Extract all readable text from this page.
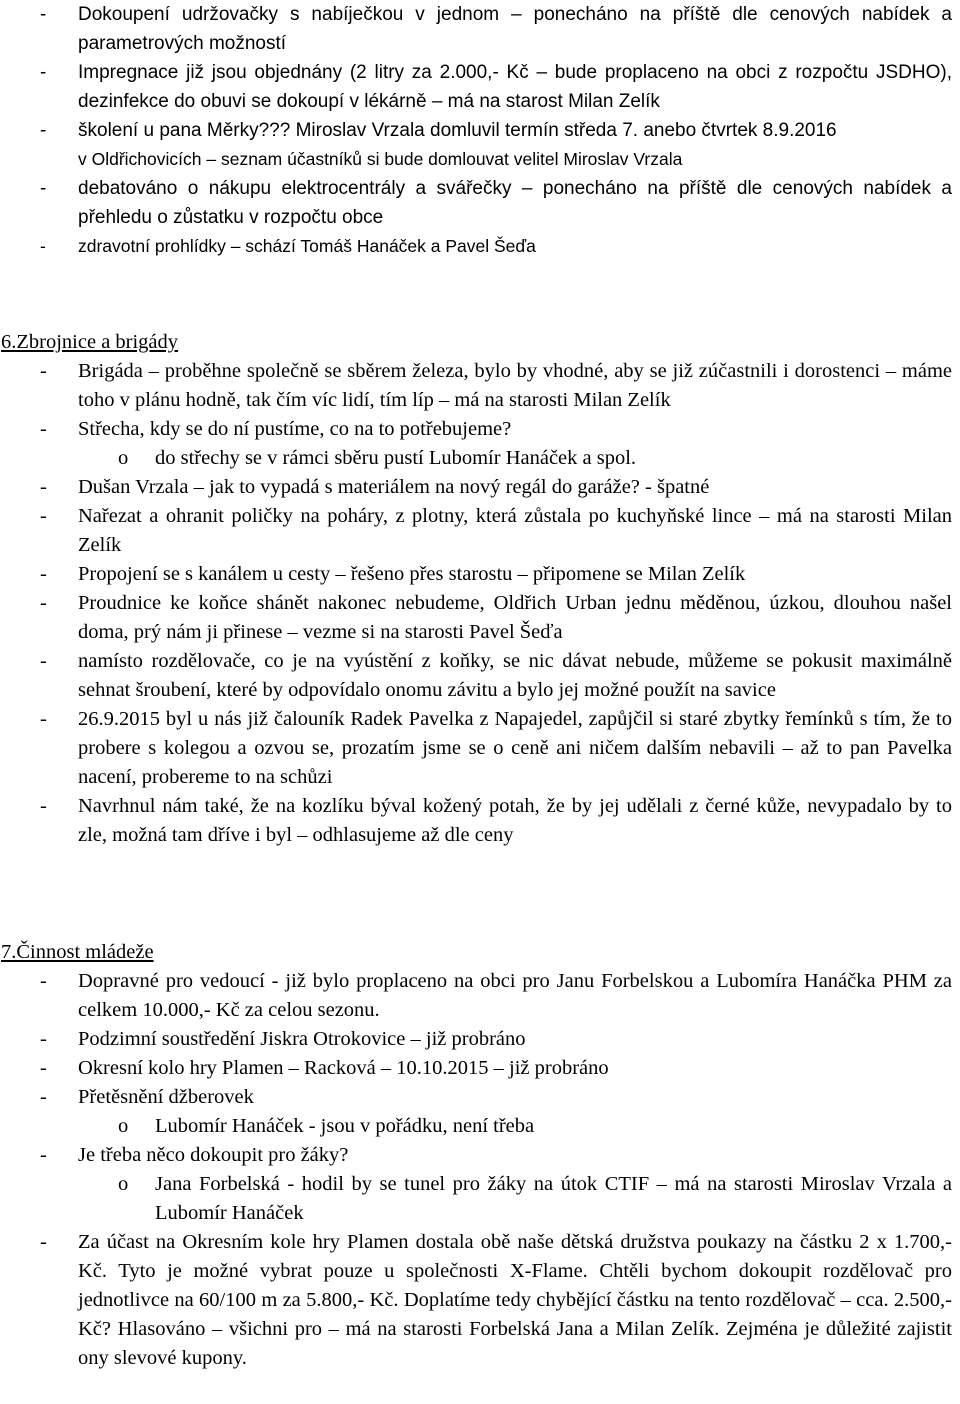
- Dokoupení udržovačky s nabíječkou v jednom – ponecháno na příště dle cenových nabídek a parametrových možností
- Impregnace již jsou objednány (2 litry za 2.000,- Kč – bude proplaceno na obci z rozpočtu JSDHO), dezinfekce do obuvi se dokoupí v lékárně – má na starost Milan Zelík
- školení u pana Měrky??? Miroslav Vrzala domluvil termín středa 7. anebo čtvrtek 8.9.2016
v Oldřichovicích – seznam účastníků si bude domlouvat velitel Miroslav Vrzala
- debatováno o nákupu elektrocentrály a svářečky – ponecháno na příště dle cenových nabídek a přehledu o zůstatku v rozpočtu obce
- zdravotní prohlídky – schází Tomáš Hanáček a Pavel Šeďa
6.Zbrojnice a brigády
- Brigáda – proběhne společně se sběrem železa, bylo by vhodné, aby se již zúčastnili i dorostenci – máme toho v plánu hodně, tak čím víc lidí, tím líp – má na starosti Milan Zelík
- Střecha, kdy se do ní pustíme, co na to potřebujeme?
o do střechy se v rámci sběru pustí Lubomír Hanáček a spol.
- Dušan Vrzala – jak to vypadá s materiálem na nový regál do garáže? - špatné
- Nařezat a ohranit poličky na poháry, z plotny, která zůstala po kuchyňské lince – má na starosti Milan Zelík
- Propojení se s kanálem u cesty – řešeno přes starostu – připomene se Milan Zelík
- Proudnice ke koňce shánět nakonec nebudeme, Oldřich Urban jednu měděnou, úzkou, dlouhou našel doma, prý nám ji přinese – vezme si na starosti Pavel Šeďa
- namísto rozdělovače, co je na vyústění z koňky, se nic dávat nebude, můžeme se pokusit maximálně sehnat šroubení, které by odpovídalo onomu závitu a bylo jej možné použít na savice
- 26.9.2015 byl u nás již čalouník Radek Pavelka z Napajedel, zapůjčil si staré zbytky řemínků s tím, že to probere s kolegou a ozvou se, prozatím jsme se o ceně ani ničem dalším nebavili – až to pan Pavelka nacení, probereme to na schůzi
- Navrhnul nám také, že na kozlíku býval kožený potah, že by jej udělali z černé kůže, nevypadalo by to zle, možná tam dříve i byl – odhlasujeme až dle ceny
7.Činnost mládeže
- Dopravné pro vedoucí - již bylo proplaceno na obci pro Janu Forbelskou a Lubomíra Hanáčka PHM za celkem 10.000,- Kč za celou sezonu.
- Podzimní soustředění Jiskra Otrokovice – již probráno
- Okresní kolo hry Plamen – Racková – 10.10.2015 – již probráno
- Přetěsnění džberovek
o Lubomír Hanáček - jsou v pořádku, není třeba
- Je třeba něco dokoupit pro žáky?
o Jana Forbelská - hodil by se tunel pro žáky na útok CTIF – má na starosti Miroslav Vrzala a Lubomír Hanáček
- Za účast na Okresním kole hry Plamen dostala obě naše dětská družstva poukazy na částku 2 x 1.700,- Kč. Tyto je možné vybrat pouze u společnosti X-Flame. Chtěli bychom dokoupit rozdělovač pro jednotlivce na 60/100 m za 5.800,- Kč. Doplatíme tedy chybějící částku na tento rozdělovač – cca. 2.500,- Kč? Hlasováno – všichni pro – má na starosti Forbelská Jana a Milan Zelík. Zejména je důležité zajistit ony slevové kupony.
